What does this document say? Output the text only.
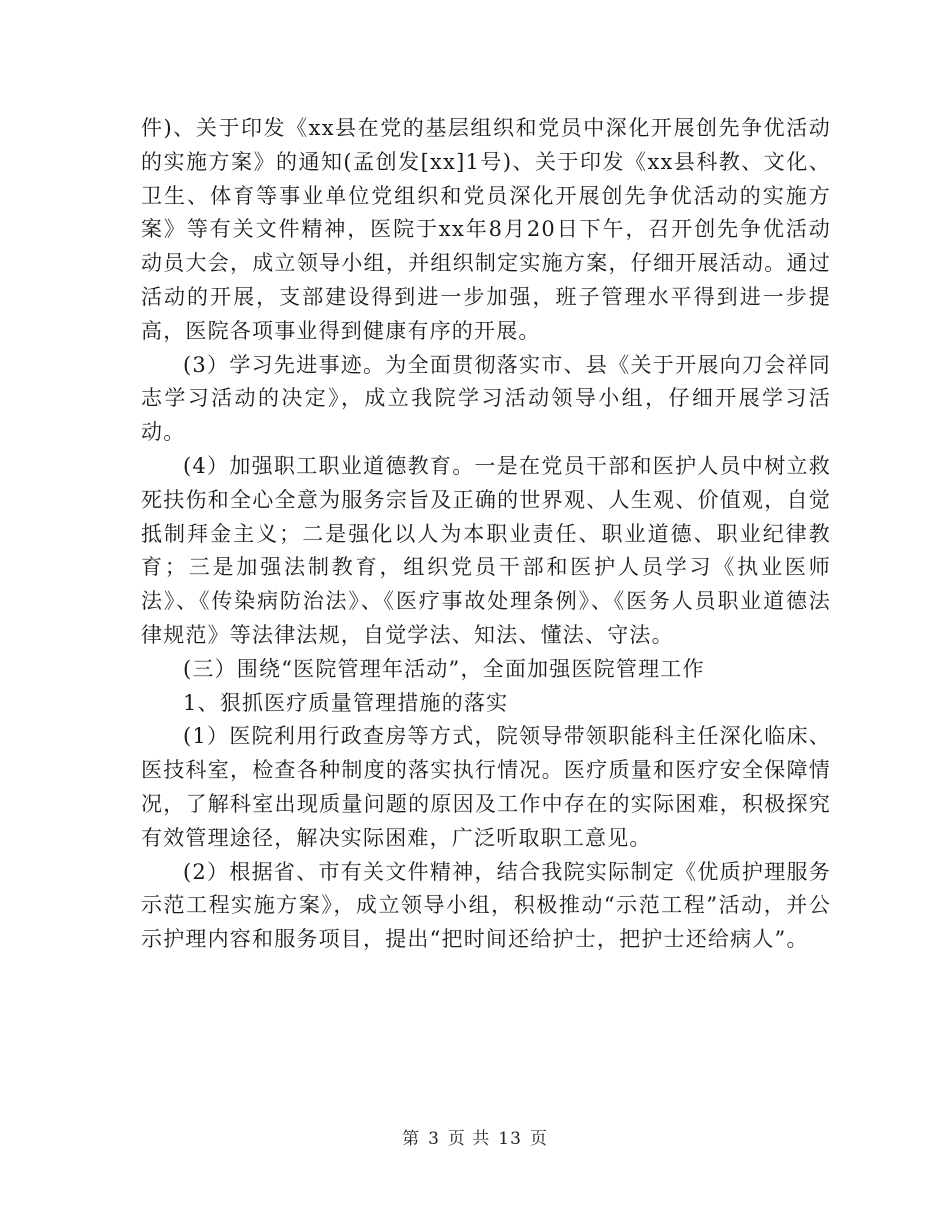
件)、关于印发《xx县在党的基层组织和党员中深化开展创先争优活动的实施方案》的通知(孟创发[xx]1号)、关于印发《xx县科教、文化、卫生、体育等事业单位党组织和党员深化开展创先争优活动的实施方案》等有关文件精神，医院于xx年8月20日下午，召开创先争优活动动员大会，成立领导小组，并组织制定实施方案，仔细开展活动。通过活动的开展，支部建设得到进一步加强，班子管理水平得到进一步提高，医院各项事业得到健康有序的开展。

(3）学习先进事迹。为全面贯彻落实市、县《关于开展向刀会祥同志学习活动的决定》，成立我院学习活动领导小组，仔细开展学习活动。

(4）加强职工职业道德教育。一是在党员干部和医护人员中树立救死扶伤和全心全意为服务宗旨及正确的世界观、人生观、价值观，自觉抵制拜金主义；二是强化以人为本职业责任、职业道德、职业纪律教育；三是加强法制教育，组织党员干部和医护人员学习《执业医师法》、《传染病防治法》、《医疗事故处理条例》、《医务人员职业道德法律规范》等法律法规，自觉学法、知法、懂法、守法。

(三）围绕“医院管理年活动”，全面加强医院管理工作

1、狠抓医疗质量管理措施的落实

(1）医院利用行政查房等方式，院领导带领职能科主任深化临床、医技科室，检查各种制度的落实执行情况。医疗质量和医疗安全保障情况，了解科室出现质量问题的原因及工作中存在的实际困难，积极探究有效管理途径，解决实际困难，广泛听取职工意见。

(2）根据省、市有关文件精神，结合我院实际制定《优质护理服务示范工程实施方案》，成立领导小组，积极推动“示范工程”活动，并公示护理内容和服务项目，提出“把时间还给护士，把护士还给病人”。

第 3 页 共 13 页
